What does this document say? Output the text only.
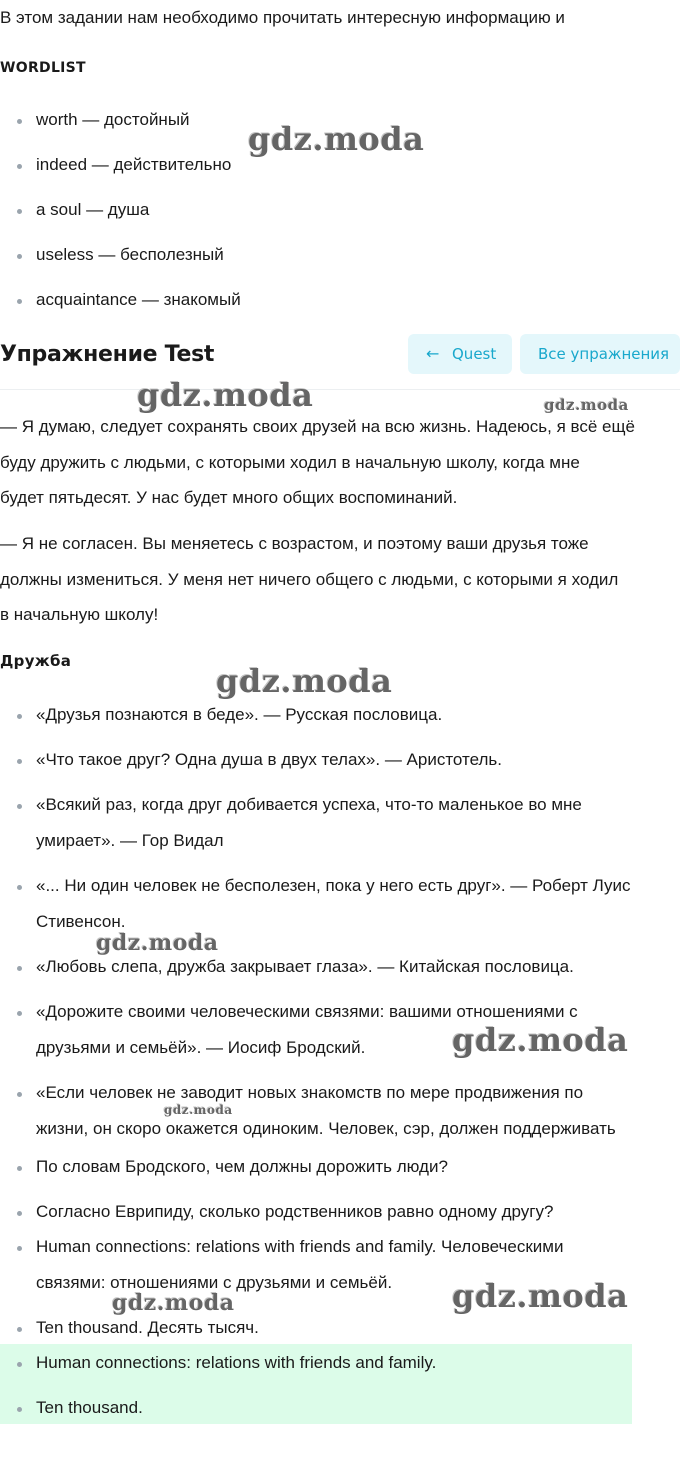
В этом задании нам необходимо прочитать интересную информацию и
WORDLIST
worth — достойный
indeed — действительно
a soul — душа
useless — бесполезный
acquaintance — знакомый
Упражнение Test	← Quest	Все упражнения
— Я думаю, следует сохранять своих друзей на всю жизнь. Надеюсь, я всё ещё
буду дружить с людьми, с которыми ходил в начальную школу, когда мне
будет пятьдесят. У нас будет много общих воспоминаний.
— Я не согласен. Вы меняетесь с возрастом, и поэтому ваши друзья тоже
должны измениться. У меня нет ничего общего с людьми, с которыми я ходил
в начальную школу!
Дружба
«Друзья познаются в беде». — Русская пословица.
«Что такое друг? Одна душа в двух телах». — Аристотель.
«Всякий раз, когда друг добивается успеха, что-то маленькое во мне
умирает». — Гор Видал
«... Ни один человек не бесполезен, пока у него есть друг». — Роберт Луис
Стивенсон.
«Любовь слепа, дружба закрывает глаза». — Китайская пословица.
«Дорожите своими человеческими связями: вашими отношениями с
друзьями и семьёй». — Иосиф Бродский.
«Если человек не заводит новых знакомств по мере продвижения по
жизни, он скоро окажется одиноким. Человек, сэр, должен поддерживать
По словам Бродского, чем должны дорожить люди?
Согласно Еврипиду, сколько родственников равно одному другу?
Human connections: relations with friends and family. Человеческими
связями: отношениями с друзьями и семьёй.
Ten thousand. Десять тысяч.
Human connections: relations with friends and family.
Ten thousand.
gdz.moda
gdz.moda	gdz.moda
gdz.moda
gdz.moda
gdz.moda
gdz.moda
gdz.moda	gdz.moda
